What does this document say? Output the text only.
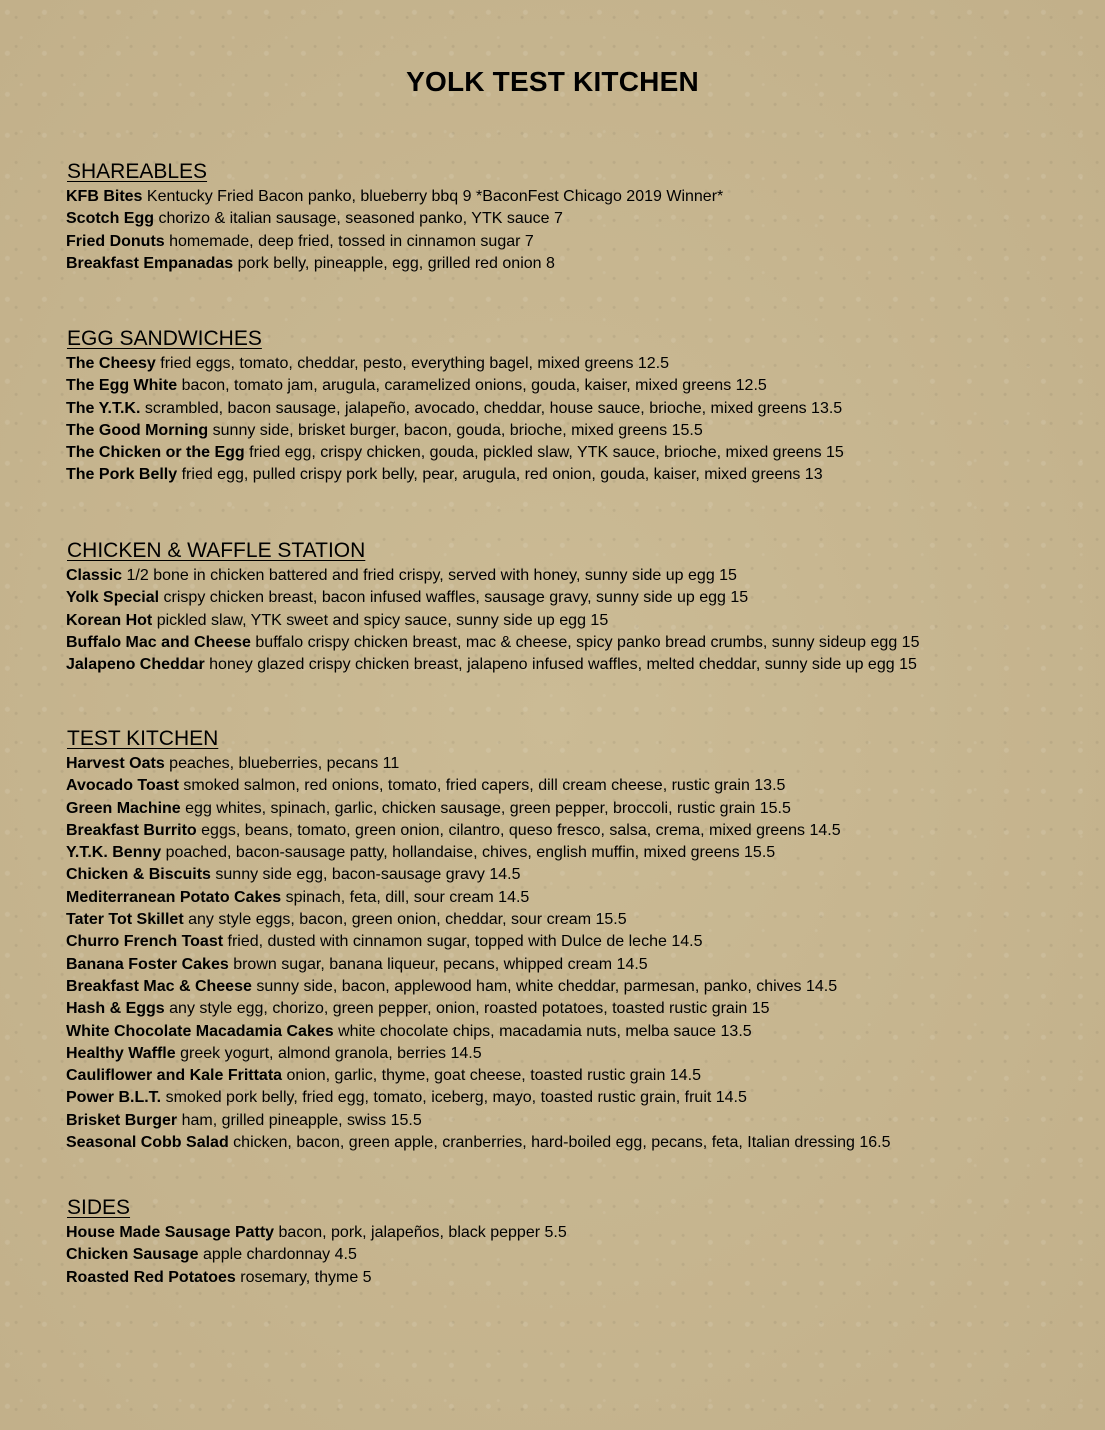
YOLK TEST KITCHEN
SHAREABLES

KFB Bites Kentucky Fried Bacon panko, blueberry bbq 9 *BaconFest Chicago 2019 Winner*

Scotch Egg chorizo & italian sausage, seasoned panko, YTK sauce 7

Fried Donuts homemade, deep fried, tossed in cinnamon sugar 7

Breakfast Empanadas pork belly, pineapple, egg, grilled red onion 8

EGG SANDWICHES

The Cheesy fried eggs, tomato, cheddar, pesto, everything bagel, mixed greens 12.5

The Egg White bacon, tomato jam, arugula, caramelized onions, gouda, kaiser, mixed greens 12.5

The Y.T.K. scrambled, bacon sausage, jalapeño, avocado, cheddar, house sauce, brioche, mixed greens 13.5

The Good Morning sunny side, brisket burger, bacon, gouda, brioche, mixed greens 15.5

The Chicken or the Egg fried egg, crispy chicken, gouda, pickled slaw, YTK sauce, brioche, mixed greens 15

The Pork Belly fried egg, pulled crispy pork belly, pear, arugula, red onion, gouda, kaiser, mixed greens 13

CHICKEN & WAFFLE STATION

Classic 1/2 bone in chicken battered and fried crispy, served with honey, sunny side up egg 15

Yolk Special crispy chicken breast, bacon infused waffles, sausage gravy, sunny side up egg 15

Korean Hot pickled slaw, YTK sweet and spicy sauce, sunny side up egg 15

Buffalo Mac and Cheese buffalo crispy chicken breast, mac & cheese, spicy panko bread crumbs, sunny sideup egg 15

Jalapeno Cheddar honey glazed crispy chicken breast, jalapeno infused waffles, melted cheddar, sunny side up egg 15

TEST KITCHEN

Harvest Oats peaches, blueberries, pecans 11

Avocado Toast smoked salmon, red onions, tomato, fried capers, dill cream cheese, rustic grain 13.5

Green Machine egg whites, spinach, garlic, chicken sausage, green pepper, broccoli, rustic grain 15.5

Breakfast Burrito eggs, beans, tomato, green onion, cilantro, queso fresco, salsa, crema, mixed greens 14.5

Y.T.K. Benny poached, bacon-sausage patty, hollandaise, chives, english muffin, mixed greens 15.5

Chicken & Biscuits sunny side egg, bacon-sausage gravy 14.5

Mediterranean Potato Cakes spinach, feta, dill, sour cream 14.5

Tater Tot Skillet any style eggs, bacon, green onion, cheddar, sour cream 15.5

Churro French Toast fried, dusted with cinnamon sugar, topped with Dulce de leche 14.5

Banana Foster Cakes brown sugar, banana liqueur, pecans, whipped cream 14.5

Breakfast Mac & Cheese sunny side, bacon, applewood ham, white cheddar, parmesan, panko, chives 14.5

Hash & Eggs any style egg, chorizo, green pepper, onion, roasted potatoes, toasted rustic grain 15

White Chocolate Macadamia Cakes white chocolate chips, macadamia nuts, melba sauce 13.5

Healthy Waffle greek yogurt, almond granola, berries 14.5

Cauliflower and Kale Frittata onion, garlic, thyme, goat cheese, toasted rustic grain 14.5

Power B.L.T. smoked pork belly, fried egg, tomato, iceberg, mayo, toasted rustic grain, fruit 14.5

Brisket Burger ham, grilled pineapple, swiss 15.5

Seasonal Cobb Salad chicken, bacon, green apple, cranberries, hard-boiled egg, pecans, feta, Italian dressing 16.5

SIDES

House Made Sausage Patty bacon, pork, jalapeños, black pepper 5.5

Chicken Sausage apple chardonnay 4.5

Roasted Red Potatoes rosemary, thyme 5
